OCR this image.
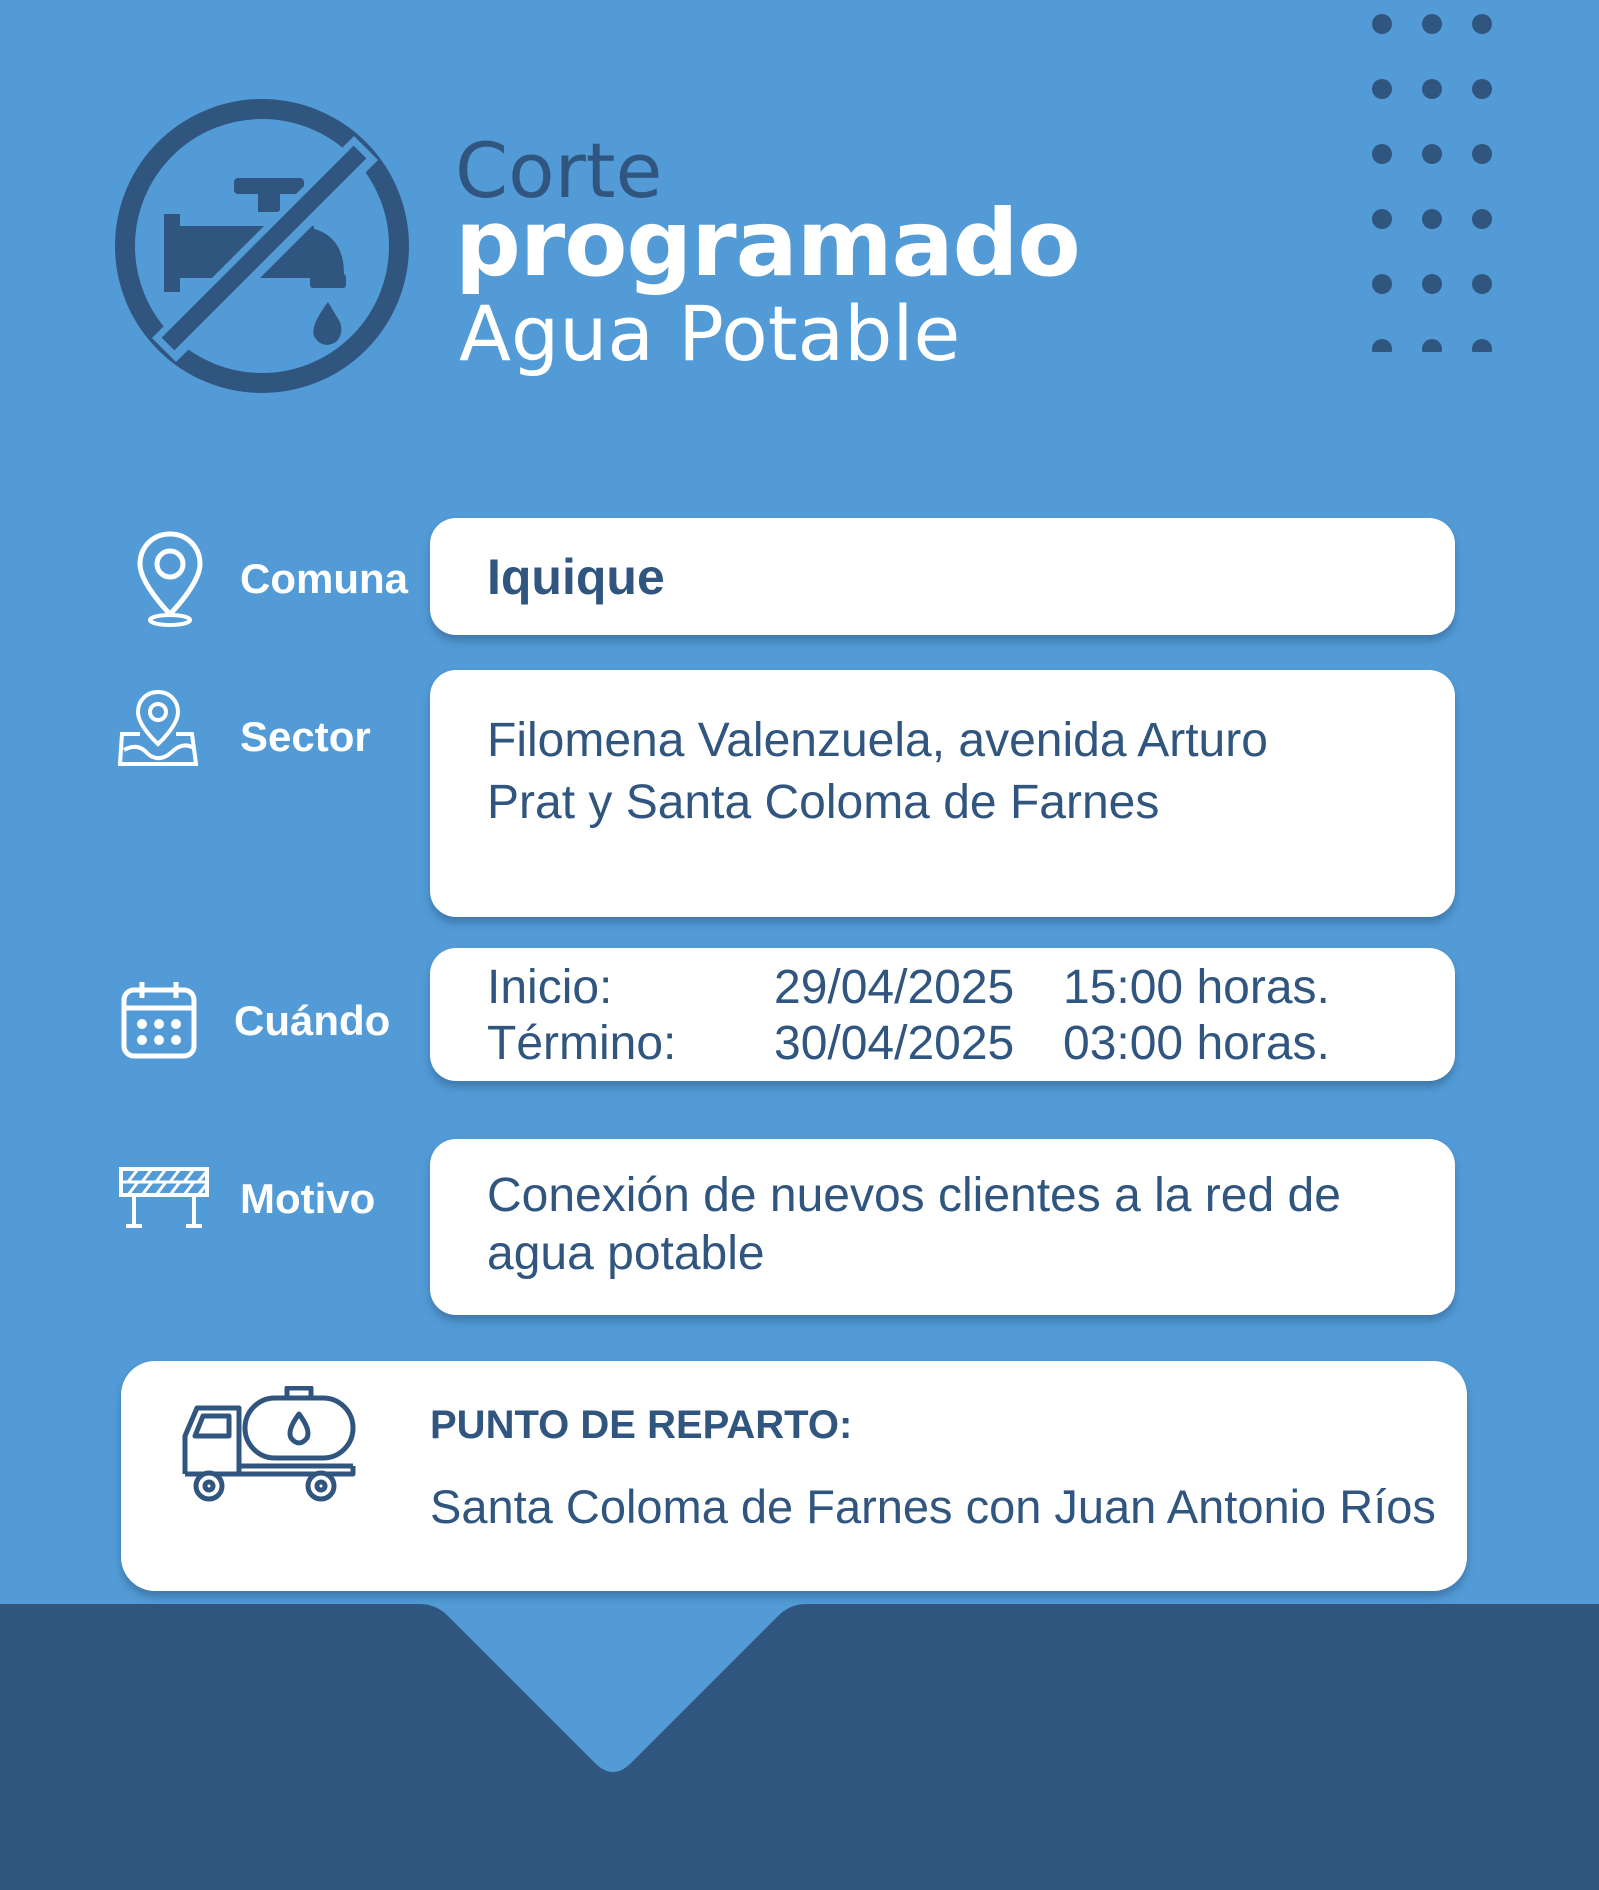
Corte
programado
Agua Potable
Comuna Iquique
Sector Filomena Valenzuela, avenida Arturo
Prat y Santa Coloma de Farnes
Cuándo
Inicio:	29/04/2025 15:00 horas.
Término: 30/04/2025 03:00 horas.
Motivo Conexión de nuevos clientes a la red de
agua potable
PUNTO DE REPARTO:
Santa Coloma de Farnes con Juan Antonio Ríos
